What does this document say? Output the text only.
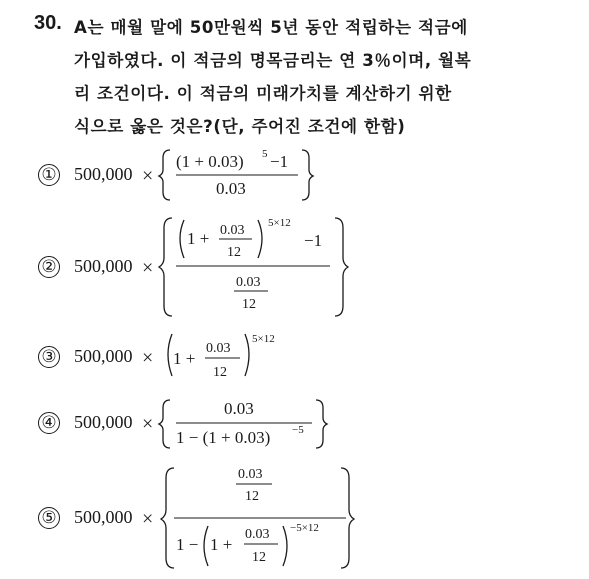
30. A는 매월 말에 50만원씩 5년 동안 적립하는 적금에
가입하였다. 이 적금의 명목금리는 연 3％이며, 월복
리 조건이다. 이 적금의 미래가치를 계산하기 위한
식으로 옳은 것은?(단, 주어진 조건에 한함)
① 500,000
② 500,000
③ 500,000
④ 500,000
⑤ 500,000
×
(1 + 0.03) 5 −1
0.03
×
1 + 0.03
12
5×12
−1
0.03
12
× 1 +
0.03
12
5×12
×
0.03
1 − (1 + 0.03) −5
×
0.03
12
1 − 1 +
0.03
12
−5×12
